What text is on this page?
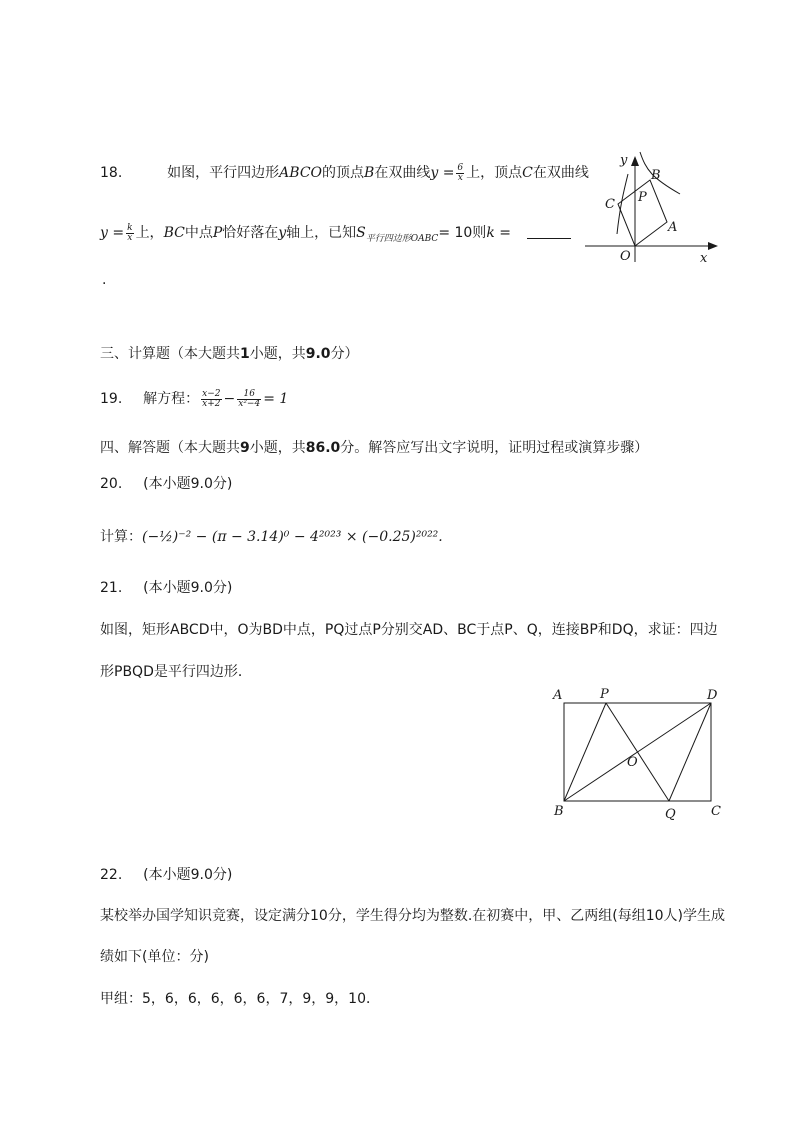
18.	如图，平行四边形ABCO的顶点B在双曲线$y = \frac{6}{x}$ 上，顶点C在双曲线
$y = \frac{k}{x}$ 上，BC中点P恰好落在y轴上，已知$S_{平行四边形OABC}= 10$则k =
.
y
x
O
B
C P
A
三、计算题（本大题共1小题，共9.0分）
19. 解方程： $\frac{x-2}{x+2} - \frac{16}{\text{x²−4}} = 1$
四、解答题（本大题共9小题，共86.0分。解答应写出文字说明，证明过程或演算步骤）
20. (本小题9.0分)
计算：(−½)⁻² − (π − 3.14)⁰ − 4²⁰²³ × (−0.25)²⁰²².
21. (本小题9.0分)
如图，矩形ABCD中，O为BD中点，PQ过点P分别交AD、BC于点P、Q，连接BP和DQ，求证：四边
形PBQD是平行四边形．
A	P	D
O
B	Q	C
22. (本小题9.0分)
某校举办国学知识竞赛，设定满分10分，学生得分均为整数.在初赛中，甲、乙两组(每组10人)学生成
绩如下(单位：分)
甲组：5，6，6，6，6，6，7，9，9，10．
